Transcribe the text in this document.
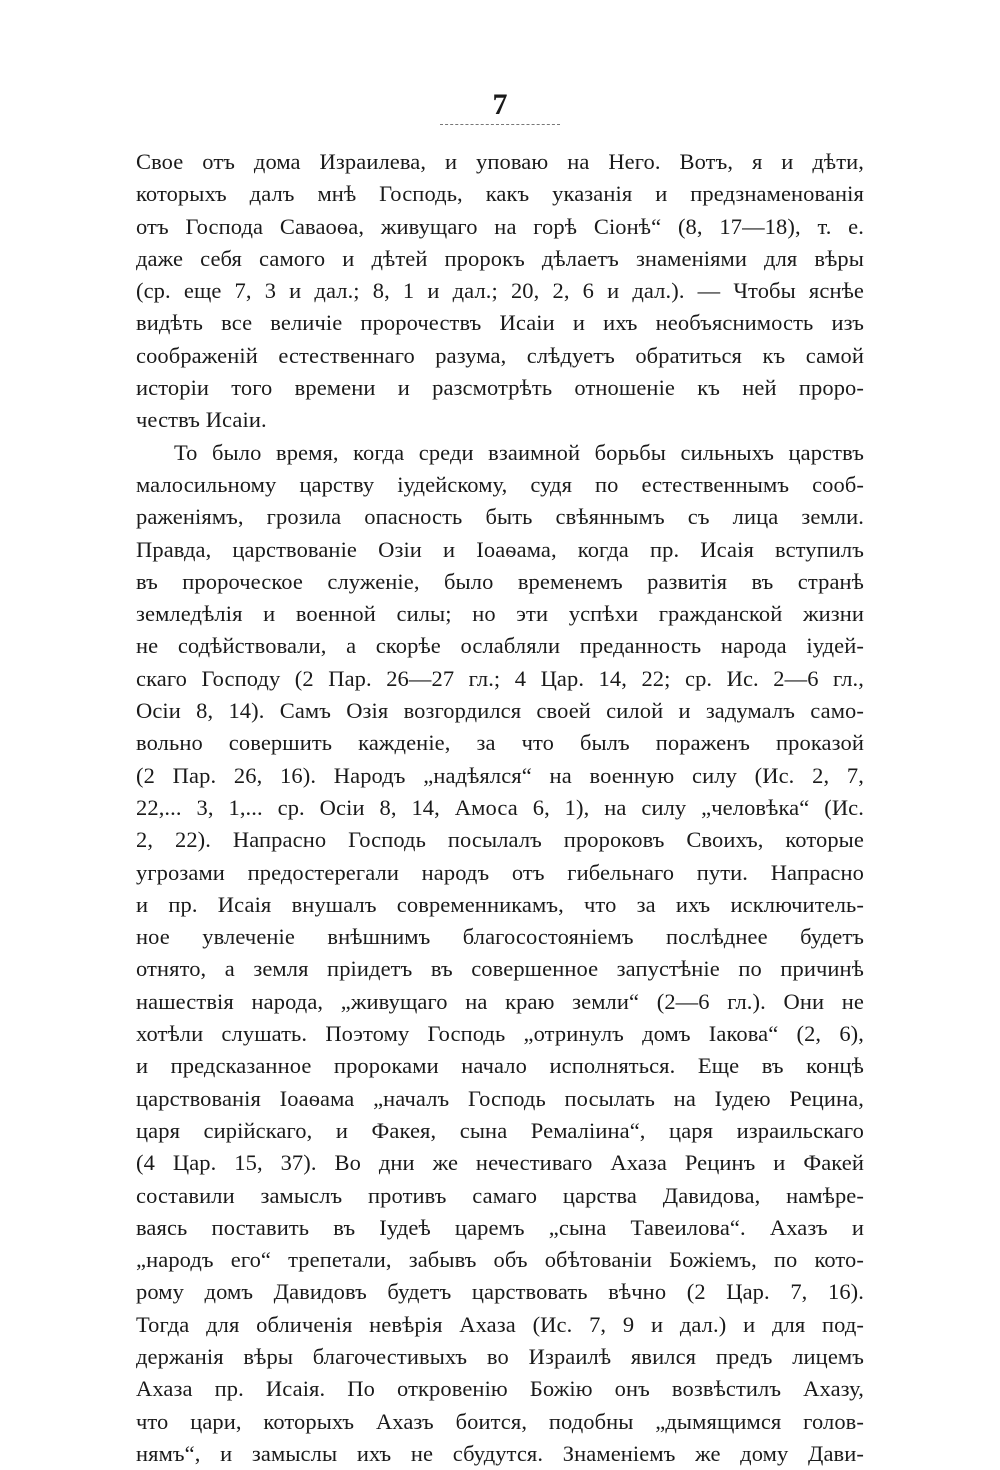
7
Свое отъ дома Израилева, и уповаю на Него. Вотъ, я и дѣти,
которыхъ далъ мнѣ Господь, какъ указанія и предзнаменованія
отъ Господа Саваоѳа, живущаго на горѣ Сіонѣ“ (8, 17—18), т. е.
даже себя самого и дѣтей пророкъ дѣлаетъ знаменіями для вѣры
(ср. еще 7, 3 и дал.; 8, 1 и дал.; 20, 2, 6 и дал.). — Чтобы яснѣе
видѣть все величіе пророчествъ Исаіи и ихъ необъяснимость изъ
соображеній естественнаго разума, слѣдуетъ обратиться къ самой
исторіи того времени и разсмотрѣть отношеніе къ ней проро-
чествъ Исаіи.
То было время, когда среди взаимной борьбы сильныхъ царствъ
малосильному царству іудейскому, судя по естественнымъ сооб-
раженіямъ, грозила опасность быть свѣяннымъ съ лица земли.
Правда, царствованіе Озіи и Іоаѳама, когда пр. Исаія вступилъ
въ пророческое служеніе, было временемъ развитія въ странѣ
земледѣлія и военной силы; но эти успѣхи гражданской жизни
не содѣйствовали, а скорѣе ослабляли преданность народа іудей-
скаго Господу (2 Пар. 26—27 гл.; 4 Цар. 14, 22; ср. Ис. 2—6 гл.,
Осіи 8, 14). Самъ Озія возгордился своей силой и задумалъ само-
вольно совершить кажденіе, за что былъ пораженъ проказой
(2 Пар. 26, 16). Народъ „надѣялся“ на военную силу (Ис. 2, 7,
22,... 3, 1,... ср. Осіи 8, 14, Амоса 6, 1), на силу „человѣка“ (Ис.
2, 22). Напрасно Господь посылалъ пророковъ Своихъ, которые
угрозами предостерегали народъ отъ гибельнаго пути. Напрасно
и пр. Исаія внушалъ современникамъ, что за ихъ исключитель-
ное увлеченіе внѣшнимъ благосостояніемъ послѣднее будетъ
отнято, а земля пріидетъ въ совершенное запустѣніе по причинѣ
нашествія народа, „живущаго на краю земли“ (2—6 гл.). Они не
хотѣли слушать. Поэтому Господь „отринулъ домъ Іакова“ (2, 6),
и предсказанное пророками начало исполняться. Еще въ концѣ
царствованія Іоаѳама „началъ Господь посылать на Іудею Рецина,
царя сирійскаго, и Факея, сына Ремаліина“, царя израильскаго
(4 Цар. 15, 37). Во дни же нечестиваго Ахаза Рецинъ и Факей
составили замыслъ противъ самаго царства Давидова, намѣре-
ваясь поставить въ Іудеѣ царемъ „сына Тавеилова“. Ахазъ и
„народъ его“ трепетали, забывъ объ обѣтованіи Божіемъ, по кото-
рому домъ Давидовъ будетъ царствовать вѣчно (2 Цар. 7, 16).
Тогда для обличенія невѣрія Ахаза (Ис. 7, 9 и дал.) и для под-
держанія вѣры благочестивыхъ во Израилѣ явился предъ лицемъ
Ахаза пр. Исаія. По откровенію Божію онъ возвѣстилъ Ахазу,
что цари, которыхъ Ахазъ боится, подобны „дымящимся голов-
нямъ“, и замыслы ихъ не сбудутся. Знаменіемъ же дому Дави-
